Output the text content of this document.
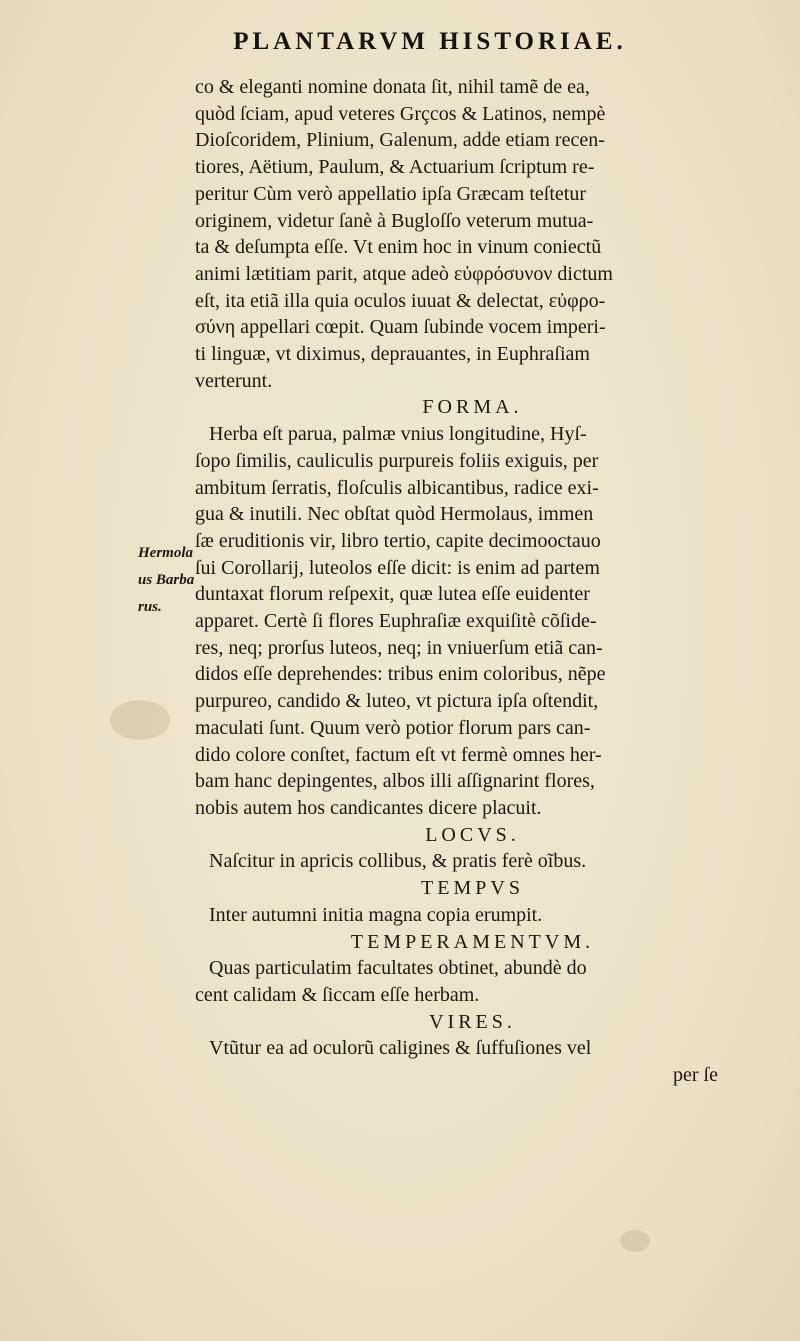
PLANTARVM HISTORIAE.
Hermola
us Barba
rus.
co & eleganti nomine donata ſit, nihil tamẽ de ea,
quòd ſciam, apud veteres Grçcos & Latinos, nempè
Dioſcoridem, Plinium, Galenum, adde etiam recen-
tiores, Aëtium, Paulum, & Actuarium ſcriptum re-
peritur Cùm verò appellatio ipſa Græcam teſtetur
originem, videtur ſanè à Bugloſſo veterum mutua-
ta & deſumpta eſſe. Vt enim hoc in vinum coniectũ
animi lætitiam parit, atque adeò εὐφρόσυνον dictum
eſt, ita etiã illa quia oculos iuuat & delectat, εὐφρο-
σύνη appellari cœpit. Quam ſubinde vocem imperi-
ti linguæ, vt diximus, deprauantes, in Euphraſiam
verterunt.
FORMA.
Herba eſt parua, palmæ vnius longitudine, Hyſ-
ſopo ſimilis, cauliculis purpureis foliis exiguis, per
ambitum ſerratis, floſculis albicantibus, radice exi-
gua & inutili. Nec obſtat quòd Hermolaus, immen
ſæ eruditionis vir, libro tertio, capite decimooctauo
ſui Corollarij, luteolos eſſe dicit: is enim ad partem
duntaxat florum reſpexit, quæ lutea eſſe euidenter
apparet. Certè ſi flores Euphraſiæ exquiſitè cõſide-
res, neq; prorſus luteos, neq; in vniuerſum etiã can-
didos eſſe deprehendes: tribus enim coloribus, nẽpe
purpureo, candido & luteo, vt pictura ipſa oſtendit,
maculati ſunt. Quum verò potior florum pars can-
dido colore conſtet, factum eſt vt fermè omnes her-
bam hanc depingentes, albos illi aſſignarint flores,
nobis autem hos candicantes dicere placuit.
LOCVS.
Naſcitur in apricis collibus, & pratis ferè oĩbus.
TEMPVS
Inter autumni initia magna copia erumpit.
TEMPERAMENTVM.
Quas particulatim facultates obtinet, abundè do
cent calidam & ſiccam eſſe herbam.
VIRES.
Vtũtur ea ad oculorũ caligines & ſuffuſiones vel
per ſe
